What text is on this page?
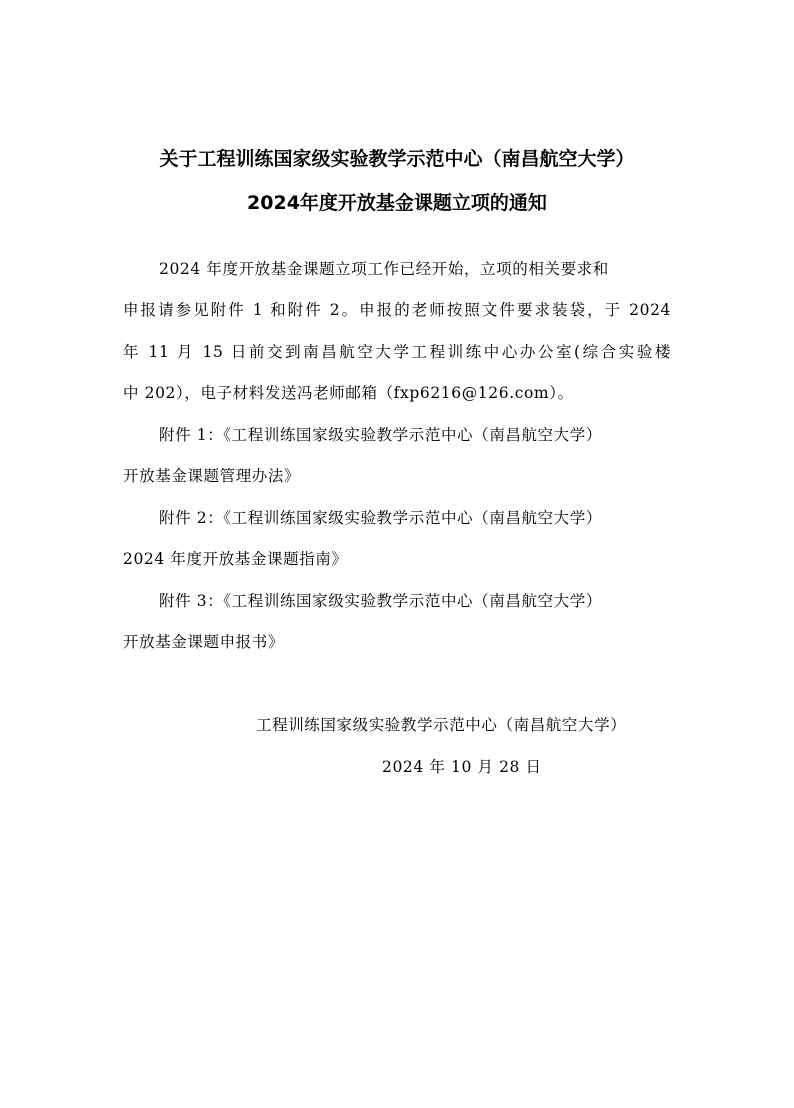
关于工程训练国家级实验教学示范中心（南昌航空大学）
2024年度开放基金课题立项的通知
2024 年度开放基金课题立项工作已经开始，立项的相关要求和
申报请参见附件 1 和附件 2。申报的老师按照文件要求装袋，于 2024
年 11 月 15 日前交到南昌航空大学工程训练中心办公室(综合实验楼
中 202），电子材料发送冯老师邮箱（fxp6216@126.com）。
附件 1：《工程训练国家级实验教学示范中心（南昌航空大学）
开放基金课题管理办法》
附件 2：《工程训练国家级实验教学示范中心（南昌航空大学）
2024 年度开放基金课题指南》
附件 3：《工程训练国家级实验教学示范中心（南昌航空大学）
开放基金课题申报书》
工程训练国家级实验教学示范中心（南昌航空大学）
2024 年 10 月 28 日
